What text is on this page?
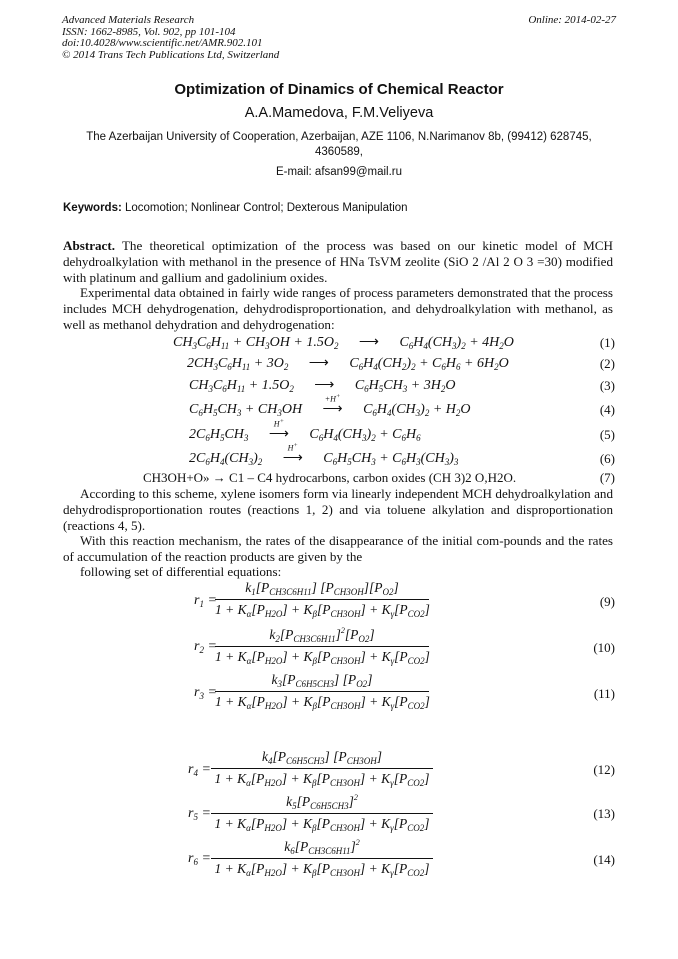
Advanced Materials Research
ISSN: 1662-8985, Vol. 902, pp 101-104
doi:10.4028/www.scientific.net/AMR.902.101
© 2014 Trans Tech Publications Ltd, Switzerland
Online: 2014-02-27
Optimization of Dinamics of Chemical Reactor
A.A.Mamedova, F.M.Veliyeva
The Azerbaijan University of Cooperation, Azerbaijan, AZE 1106, N.Narimanov 8b, (99412) 628745, 4360589,
E-mail: afsan99@mail.ru
Keywords: Locomotion; Nonlinear Control; Dexterous Manipulation
Abstract. The theoretical optimization of the process was based on our kinetic model of MCH dehydroalkylation with methanol in the presence of HNa TsVM zeolite (SiO 2 /Al 2 O 3 =30) modified with platinum and gallium and gadolinium oxides.
Experimental data obtained in fairly wide ranges of process parameters demonstrated that the process includes MCH dehydrogenation, dehydrodisproportionation, and dehydroalkylation with methanol, as well as methanol dehydration and dehydrogenation:
$CH_3C_6H_{11} + CH_3OH + 1.5O_2$ ⟶ $C_6H_4(CH_3)_2 + 4H_2O$	(1)
$2CH_3C_6H_{11} + 3O_2$ ⟶ $C_6H_4(CH_2)_2 + C_6H_6 + 6H_2O$	(2)
$CH_3C_6H_{11} + 1.5O_2$ ⟶ $C_6H_5CH_3 + 3H_2O$	(3)
$C_6H_5CH_3 + CH_3OH$
+H+
⟶ $C_6H_4(CH_3)_2 + H_2O$	(4)
$2C_6H_5CH_3$
H+
⟶ $C_6H_4(CH_3)_2 + C_6H_6$	(5)
$2C_6H_4(CH_3)_2$
H+
⟶ $C_6H_5CH_3 + C_6H_3(CH_3)_3$	(6)
CH3OH+O» → C1 – C4 hydrocarbons, carbon oxides (CH 3)2 O,H2O.	(7)
According to this scheme, xylene isomers form via linearly independent MCH dehydroalkylation and dehydrodisproportionation routes (reactions 1, 2) and via toluene alkylation and disproportionation (reactions 4, 5).
With this reaction mechanism, the rates of the disappearance of the initial com-pounds and the rates of accumulation of the reaction products are given by the
following set of differential equations:
$r_1$ =
$k_1[P_{CH3C6H11}]$ $[P_{CH3OH}][P_{O2}]$
$1 + K_\alpha[P_{H2O}] + K_\beta[P_{CH3OH}] + K_\gamma[P_{CO2}]$
(9)
$r_2$ =
$k_2[P_{CH3C6H11}]^2[P_{O2}]$
$1 + K_\alpha[P_{H2O}] + K_\beta[P_{CH3OH}] + K_\gamma[P_{CO2}]$
(10)
$r_3$ =
$k_3[P_{C6H5CH3}]$ $[P_{O2}]$
$1 + K_\alpha[P_{H2O}] + K_\beta[P_{CH3OH}] + K_\gamma[P_{CO2}]$
(11)
$r_4$ =
$k_4[P_{C6H5CH3}]$ $[P_{CH3OH}]$
$1 + K_\alpha[P_{H2O}] + K_\beta[P_{CH3OH}] + K_\gamma[P_{CO2}]$
(12)
$r_5$ =
$k_5[P_{C6H5CH3}]^2$
$1 + K_\alpha[P_{H2O}] + K_\beta[P_{CH3OH}] + K_\gamma[P_{CO2}]$
(13)
$r_6$ =
$k_6[P_{CH3C6H11}]^2$
$1 + K_\alpha[P_{H2O}] + K_\beta[P_{CH3OH}] + K_\gamma[P_{CO2}]$
(14)
